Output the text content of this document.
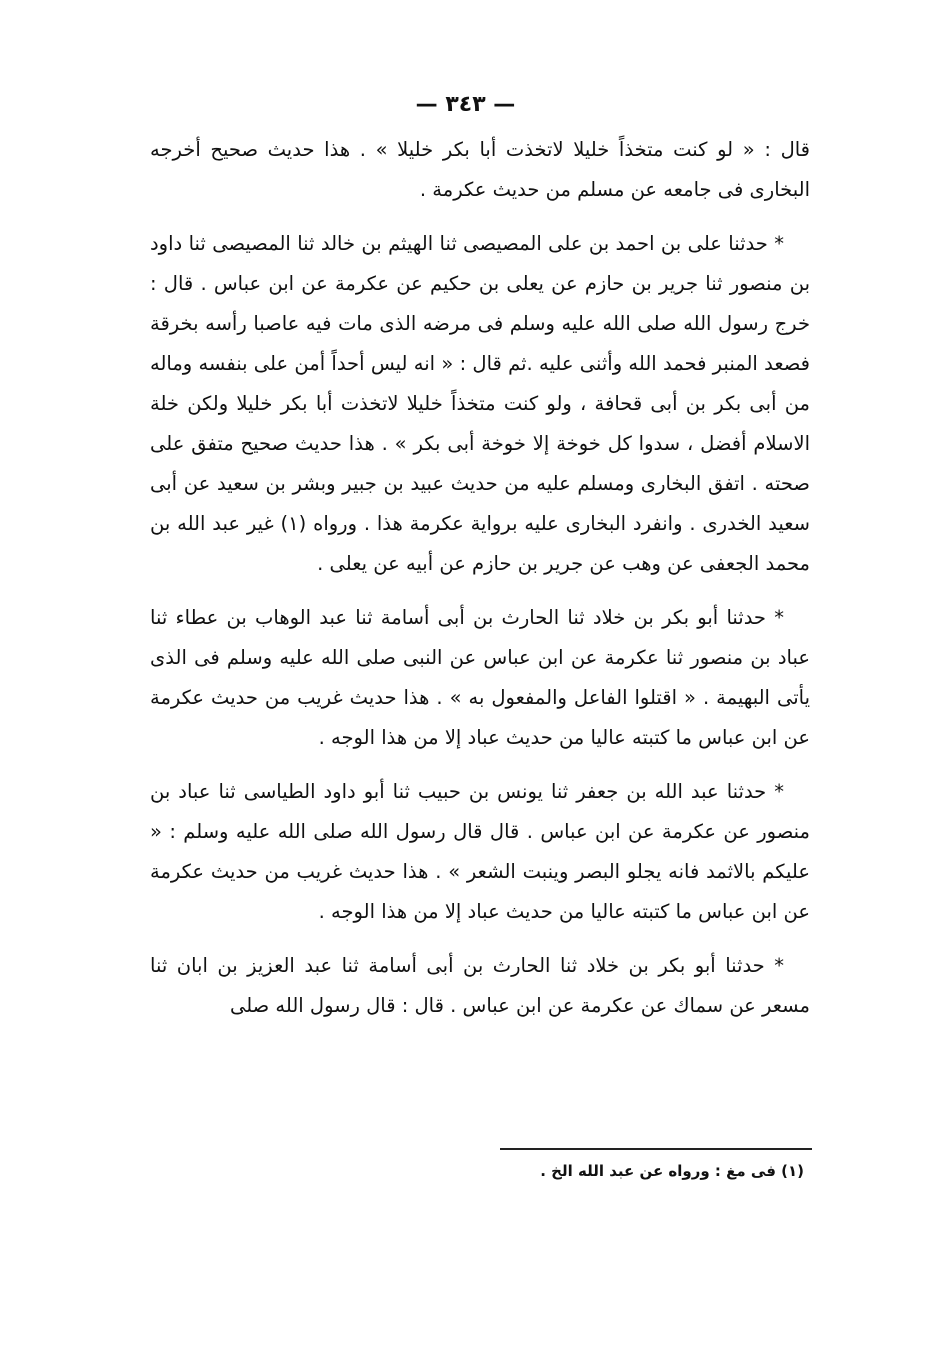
— ٣٤٣ —

قال : « لو كنت متخذاً خليلا لاتخذت أبا بكر خليلا » . هذا حديث صحيح أخرجه البخارى فى جامعه عن مسلم من حديث عكرمة .

* حدثنا على بن احمد بن على المصيصى ثنا الهيثم بن خالد ثنا المصيصى ثنا داود بن منصور ثنا جرير بن حازم عن يعلى بن حكيم عن عكرمة عن ابن عباس . قال : خرج رسول الله صلى الله عليه وسلم فى مرضه الذى مات فيه عاصبا رأسه بخرقة فصعد المنبر فحمد الله وأثنى عليه .ثم قال : « انه ليس أحداً أمن على بنفسه وماله من أبى بكر بن أبى قحافة ، ولو كنت متخذاً خليلا لاتخذت أبا بكر خليلا ولكن خلة الاسلام أفضل ، سدوا كل خوخة إلا خوخة أبى بكر » . هذا حديث صحيح متفق على صحته . اتفق البخارى ومسلم عليه من حديث عبيد بن جبير وبشر بن سعيد عن أبى سعيد الخدرى . وانفرد البخارى عليه برواية عكرمة هذا . ورواه (١) غير عبد الله بن محمد الجعفى عن وهب عن جرير بن حازم عن أبيه عن يعلى .

* حدثنا أبو بكر بن خلاد ثنا الحارث بن أبى أسامة ثنا عبد الوهاب بن عطاء ثنا عباد بن منصور ثنا عكرمة عن ابن عباس عن النبى صلى الله عليه وسلم فى الذى يأتى البهيمة . « اقتلوا الفاعل والمفعول به » . هذا حديث غريب من حديث عكرمة عن ابن عباس ما كتبته عاليا من حديث عباد إلا من هذا الوجه .

* حدثنا عبد الله بن جعفر ثنا يونس بن حبيب ثنا أبو داود الطياسى ثنا عباد بن منصور عن عكرمة عن ابن عباس . قال قال رسول الله صلى الله عليه وسلم : « عليكم بالاثمد فانه يجلو البصر وينبت الشعر » . هذا حديث غريب من حديث عكرمة عن ابن عباس ما كتبته عاليا من حديث عباد إلا من هذا الوجه .

* حدثنا أبو بكر بن خلاد ثنا الحارث بن أبى أسامة ثنا عبد العزيز بن ابان ثنا مسعر عن سماك عن عكرمة عن ابن عباس . قال : قال رسول الله صلى

(١) فى مغ : ورواه عن عبد الله الخ .
